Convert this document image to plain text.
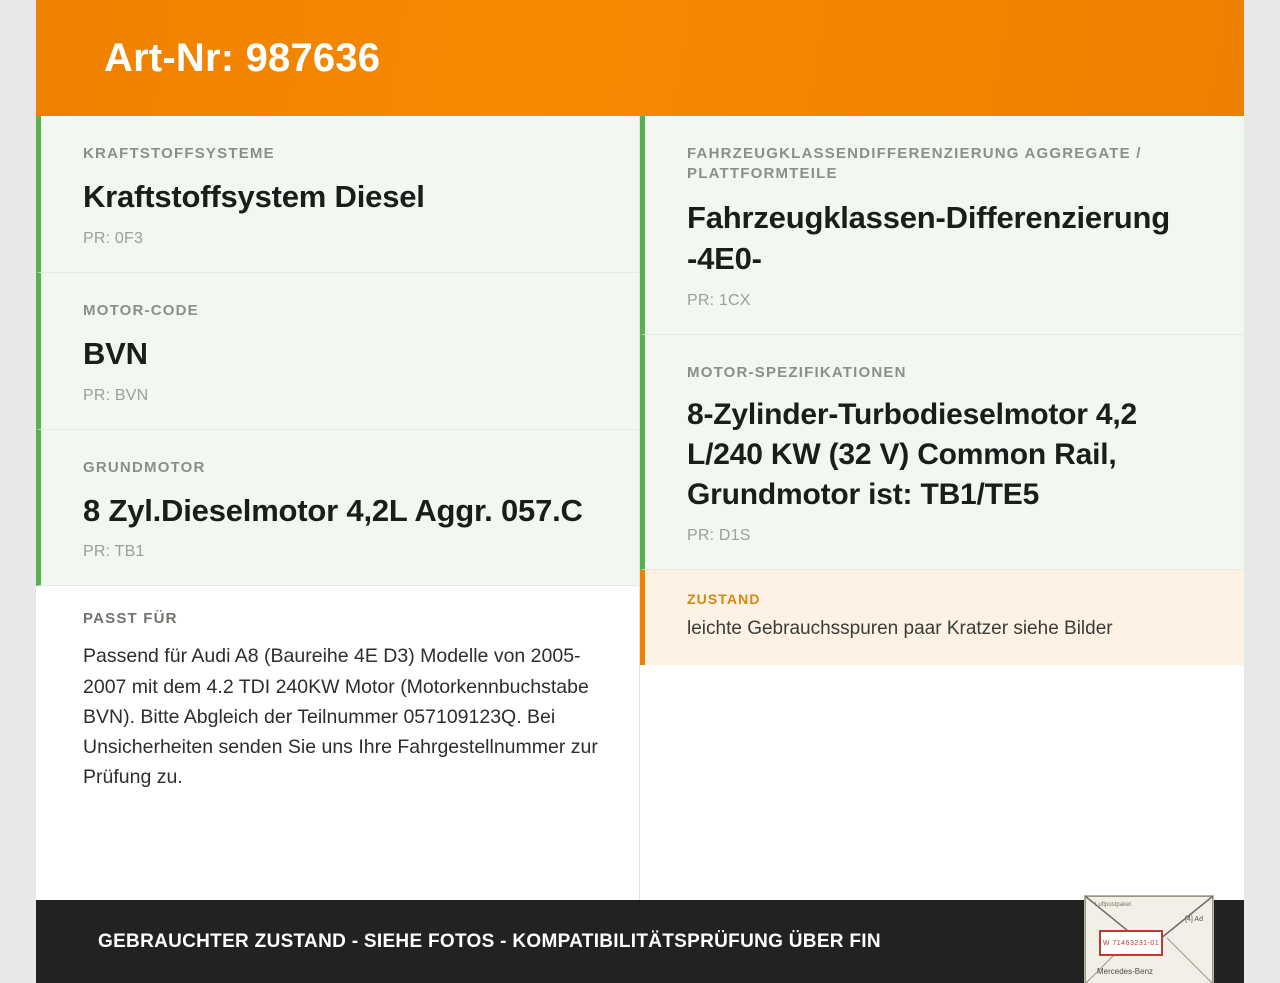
Art-Nr: 987636
KRAFTSTOFFSYSTEME
Kraftstoffsystem Diesel
PR: 0F3
MOTOR-CODE
BVN
PR: BVN
GRUNDMOTOR
8 Zyl.Dieselmotor 4,2L Aggr. 057.C
PR: TB1
PASST FÜR
Passend für Audi A8 (Baureihe 4E D3) Modelle von 2005-2007 mit dem 4.2 TDI 240KW Motor (Motorkennbuchstabe BVN). Bitte Abgleich der Teilnummer 057109123Q. Bei Unsicherheiten senden Sie uns Ihre Fahrgestellnummer zur Prüfung zu.
FAHRZEUGKLASSENDIFFERENZIERUNG AGGREGATE / PLATTFORMTEILE
Fahrzeugklassen-Differenzierung -4E0-
PR: 1CX
MOTOR-SPEZIFIKATIONEN
8-Zylinder-Turbodieselmotor 4,2 L/240 KW (32 V) Common Rail, Grundmotor ist: TB1/TE5
PR: D1S
ZUSTAND
leichte Gebrauchsspuren paar Kratzer siehe Bilder
GEBRAUCHTER ZUSTAND - SIEHE FOTOS - KOMPATIBILITÄTSPRÜFUNG ÜBER FIN
Luftpostpaket
[4] Ad
W 71463231-01
Mercedes-Benz
